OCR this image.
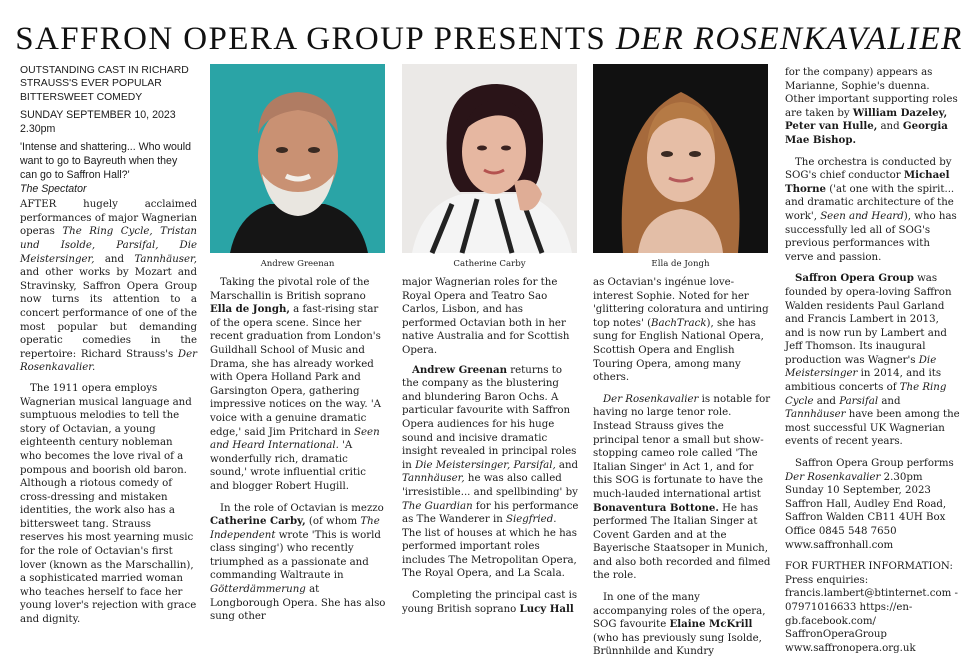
SAFFRON OPERA GROUP PRESENTS DER ROSENKAVALIER

OUTSTANDING CAST IN RICHARD STRAUSS'S EVER POPULAR BITTERSWEET COMEDY

SUNDAY SEPTEMBER 10, 2023

2.30pm

'Intense and shattering... Who would want to go to Bayreuth when they can go to Saffron Hall?'

The Spectator

AFTER hugely acclaimed performances of major Wagnerian operas The Ring Cycle, Tristan und Isolde, Parsifal, Die Meistersinger, and Tannhäuser, and other works by Mozart and Stravinsky, Saffron Opera Group now turns its attention to a concert performance of one of the most popular but demanding operatic comedies in the repertoire: Richard Strauss's Der Rosenkavalier.

The 1911 opera employs Wagnerian musical language and sumptuous melodies to tell the story of Octavian, a young eighteenth century nobleman who becomes the love rival of a pompous and boorish old baron. Although a riotous comedy of cross-dressing and mistaken identities, the work also has a bittersweet tang. Strauss reserves his most yearning music for the role of Octavian's first lover (known as the Marschallin), a sophisticated married woman who teaches herself to face her young lover's rejection with grace and dignity.

Andrew Greenan	Catherine Carby	Ella de Jongh

Taking the pivotal role of the Marschallin is British soprano Ella de Jongh, a fast-rising star of the opera scene. Since her recent graduation from London's Guildhall School of Music and Drama, she has already worked with Opera Holland Park and Garsington Opera, gathering impressive notices on the way. 'A voice with a genuine dramatic edge,' said Jim Pritchard in Seen and Heard International. 'A wonderfully rich, dramatic sound,' wrote influential critic and blogger Robert Hugill.

In the role of Octavian is mezzo Catherine Carby, (of whom The Independent wrote 'This is world class singing') who recently triumphed as a passionate and commanding Waltraute in Götterdämmerung at Longborough Opera. She has also sung other

major Wagnerian roles for the Royal Opera and Teatro Sao Carlos, Lisbon, and has performed Octavian both in her native Australia and for Scottish Opera.

Andrew Greenan returns to the company as the blustering and blundering Baron Ochs. A particular favourite with Saffron Opera audiences for his huge sound and incisive dramatic insight revealed in principal roles in Die Meistersinger, Parsifal, and Tannhäuser, he was also called 'irresistible... and spellbinding' by The Guardian for his performance as The Wanderer in Siegfried. The list of houses at which he has performed important roles includes The Metropolitan Opera, The Royal Opera, and La Scala.

Completing the principal cast is young British soprano Lucy Hall

as Octavian's ingénue love-interest Sophie. Noted for her 'glittering coloratura and untiring top notes' (BachTrack), she has sung for English National Opera, Scottish Opera and English Touring Opera, among many others.

Der Rosenkavalier is notable for having no large tenor role. Instead Strauss gives the principal tenor a small but show-stopping cameo role called 'The Italian Singer' in Act 1, and for this SOG is fortunate to have the much-lauded international artist Bonaventura Bottone. He has performed The Italian Singer at Covent Garden and at the Bayerische Staatsoper in Munich, and also both recorded and filmed the role.

In one of the many accompanying roles of the opera, SOG favourite Elaine McKrill (who has previously sung Isolde, Brünnhilde and Kundry

for the company) appears as Marianne, Sophie's duenna. Other important supporting roles are taken by William Dazeley, Peter van Hulle, and Georgia Mae Bishop.

The orchestra is conducted by SOG's chief conductor Michael Thorne ('at one with the spirit... and dramatic architecture of the work', Seen and Heard), who has successfully led all of SOG's previous performances with verve and passion.

Saffron Opera Group was founded by opera-loving Saffron Walden residents Paul Garland and Francis Lambert in 2013, and is now run by Lambert and Jeff Thomson. Its inaugural production was Wagner's Die Meistersinger in 2014, and its ambitious concerts of The Ring Cycle and Parsifal and Tannhäuser have been among the most successful UK Wagnerian events of recent years.

Saffron Opera Group performs Der Rosenkavalier 2.30pm Sunday 10 September, 2023 Saffron Hall, Audley End Road, Saffron Walden CB11 4UH Box Office 0845 548 7650 www.saffronhall.com

FOR FURTHER INFORMATION: Press enquiries: francis.lambert@btinternet.com - 07971016633 https://en-gb.facebook.com/ SaffronOperaGroup www.saffronopera.org.uk
